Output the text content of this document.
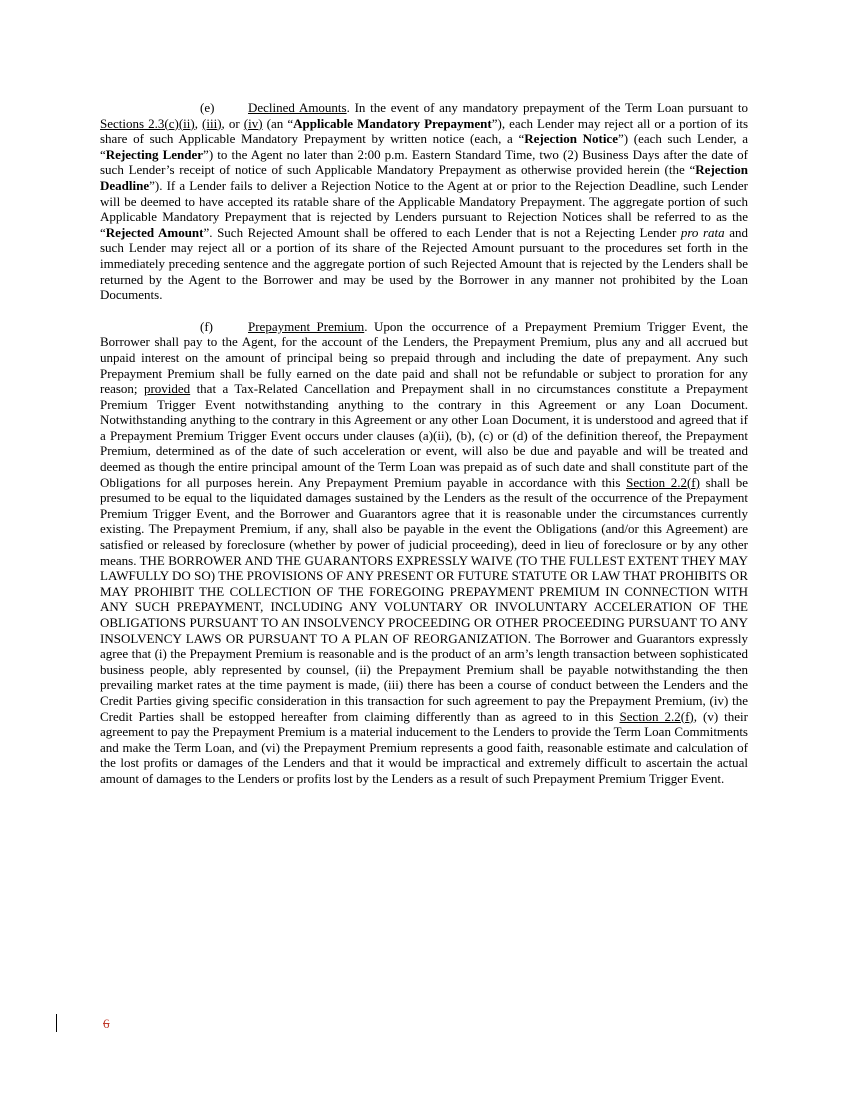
(e)	Declined Amounts. In the event of any mandatory prepayment of the Term Loan pursuant to Sections 2.3(c)(ii), (iii), or (iv) (an “Applicable Mandatory Prepayment”), each Lender may reject all or a portion of its share of such Applicable Mandatory Prepayment by written notice (each, a “Rejection Notice”) (each such Lender, a “Rejecting Lender”) to the Agent no later than 2:00 p.m. Eastern Standard Time, two (2) Business Days after the date of such Lender’s receipt of notice of such Applicable Mandatory Prepayment as otherwise provided herein (the “Rejection Deadline”). If a Lender fails to deliver a Rejection Notice to the Agent at or prior to the Rejection Deadline, such Lender will be deemed to have accepted its ratable share of the Applicable Mandatory Prepayment. The aggregate portion of such Applicable Mandatory Prepayment that is rejected by Lenders pursuant to Rejection Notices shall be referred to as the “Rejected Amount”. Such Rejected Amount shall be offered to each Lender that is not a Rejecting Lender pro rata and such Lender may reject all or a portion of its share of the Rejected Amount pursuant to the procedures set forth in the immediately preceding sentence and the aggregate portion of such Rejected Amount that is rejected by the Lenders shall be returned by the Agent to the Borrower and may be used by the Borrower in any manner not prohibited by the Loan Documents.

(f)	Prepayment Premium. Upon the occurrence of a Prepayment Premium Trigger Event, the Borrower shall pay to the Agent, for the account of the Lenders, the Prepayment Premium, plus any and all accrued but unpaid interest on the amount of principal being so prepaid through and including the date of prepayment. Any such Prepayment Premium shall be fully earned on the date paid and shall not be refundable or subject to proration for any reason; provided that a Tax-Related Cancellation and Prepayment shall in no circumstances constitute a Prepayment Premium Trigger Event notwithstanding anything to the contrary in this Agreement or any Loan Document. Notwithstanding anything to the contrary in this Agreement or any other Loan Document, it is understood and agreed that if a Prepayment Premium Trigger Event occurs under clauses (a)(ii), (b), (c) or (d) of the definition thereof, the Prepayment Premium, determined as of the date of such acceleration or event, will also be due and payable and will be treated and deemed as though the entire principal amount of the Term Loan was prepaid as of such date and shall constitute part of the Obligations for all purposes herein. Any Prepayment Premium payable in accordance with this Section 2.2(f) shall be presumed to be equal to the liquidated damages sustained by the Lenders as the result of the occurrence of the Prepayment Premium Trigger Event, and the Borrower and Guarantors agree that it is reasonable under the circumstances currently existing. The Prepayment Premium, if any, shall also be payable in the event the Obligations (and/or this Agreement) are satisfied or released by foreclosure (whether by power of judicial proceeding), deed in lieu of foreclosure or by any other means. THE BORROWER AND THE GUARANTORS EXPRESSLY WAIVE (TO THE FULLEST EXTENT THEY MAY LAWFULLY DO SO) THE PROVISIONS OF ANY PRESENT OR FUTURE STATUTE OR LAW THAT PROHIBITS OR MAY PROHIBIT THE COLLECTION OF THE FOREGOING PREPAYMENT PREMIUM IN CONNECTION WITH ANY SUCH PREPAYMENT, INCLUDING ANY VOLUNTARY OR INVOLUNTARY ACCELERATION OF THE OBLIGATIONS PURSUANT TO AN INSOLVENCY PROCEEDING OR OTHER PROCEEDING PURSUANT TO ANY INSOLVENCY LAWS OR PURSUANT TO A PLAN OF REORGANIZATION. The Borrower and Guarantors expressly agree that (i) the Prepayment Premium is reasonable and is the product of an arm’s length transaction between sophisticated business people, ably represented by counsel, (ii) the Prepayment Premium shall be payable notwithstanding the then prevailing market rates at the time payment is made, (iii) there has been a course of conduct between the Lenders and the Credit Parties giving specific consideration in this transaction for such agreement to pay the Prepayment Premium, (iv) the Credit Parties shall be estopped hereafter from claiming differently than as agreed to in this Section 2.2(f), (v) their agreement to pay the Prepayment Premium is a material inducement to the Lenders to provide the Term Loan Commitments and make the Term Loan, and (vi) the Prepayment Premium represents a good faith, reasonable estimate and calculation of the lost profits or damages of the Lenders and that it would be impractical and extremely difficult to ascertain the actual amount of damages to the Lenders or profits lost by the Lenders as a result of such Prepayment Premium Trigger Event.

6
